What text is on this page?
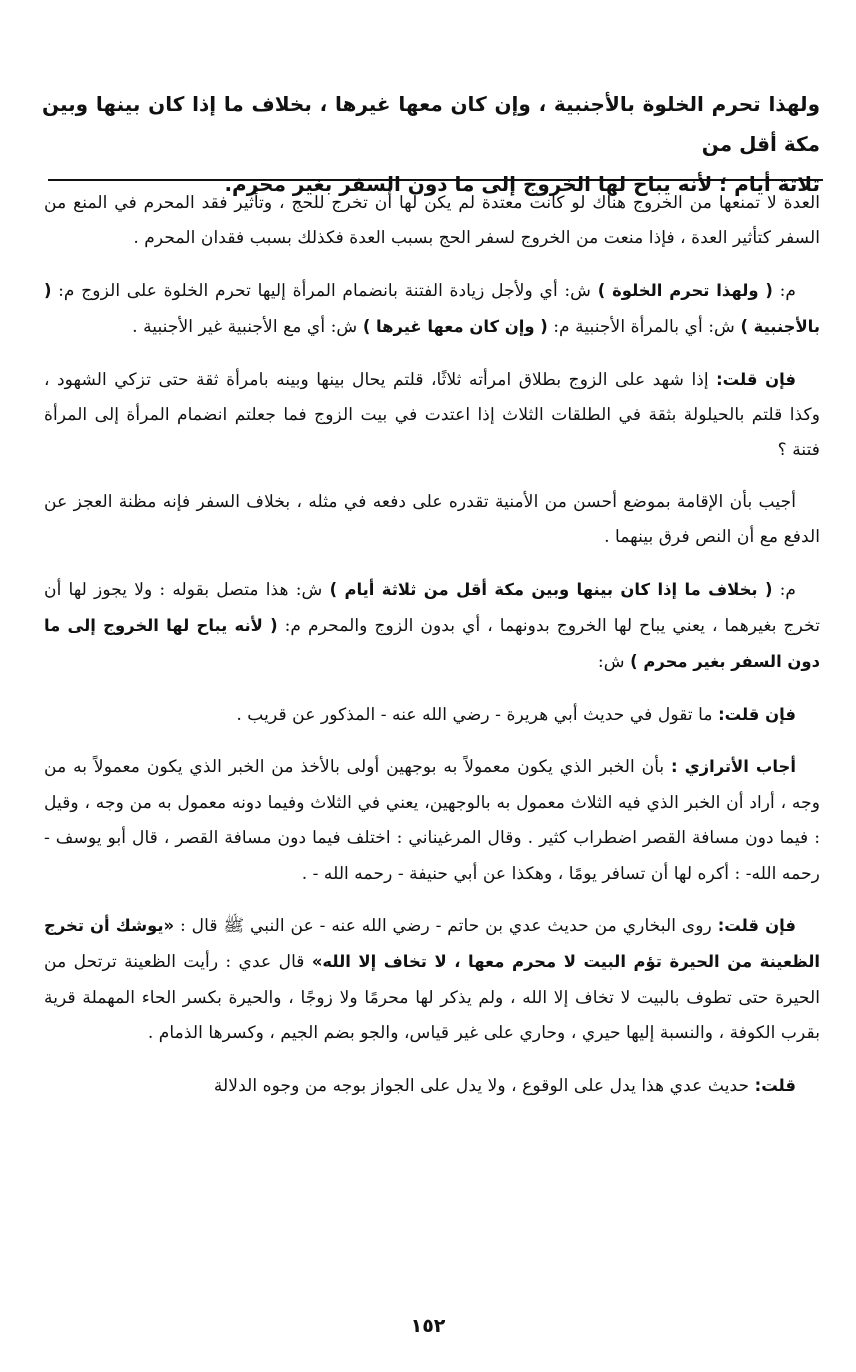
ولهذا تحرم الخلوة بالأجنبية ، وإن كان معها غيرها ، بخلاف ما إذا كان بينها وبين مكة أقل من

ثلاثة أيام ؛ لأنه يباح لها الخروج إلى ما دون السفر بغير محرم.

العدة لا تمنعها من الخروج هناك لو كانت معتدة لم يكن لها أن تخرج للحج ، وتأثير فقد المحرم في المنع من السفر كتأثير العدة ، فإذا منعت من الخروج لسفر الحج بسبب العدة فكذلك بسبب فقدان المحرم .

م: ( ولهذا تحرم الخلوة ) ش: أي ولأجل زيادة الفتنة بانضمام المرأة إليها تحرم الخلوة على الزوج م: ( بالأجنبية ) ش: أي بالمرأة الأجنبية م: ( وإن كان معها غيرها ) ش: أي مع الأجنبية غير الأجنبية .

فإن قلت: إذا شهد على الزوج بطلاق امرأته ثلاثًا، قلتم يحال بينها وبينه بامرأة ثقة حتى تزكي الشهود ، وكذا قلتم بالحيلولة بثقة في الطلقات الثلاث إذا اعتدت في بيت الزوج فما جعلتم انضمام المرأة إلى المرأة فتنة ؟

أجيب بأن الإقامة بموضع أحسن من الأمنية تقدره على دفعه في مثله ، بخلاف السفر فإنه مظنة العجز عن الدفع مع أن النص فرق بينهما .

م: ( بخلاف ما إذا كان بينها وبين مكة أقل من ثلاثة أيام ) ش: هذا متصل بقوله : ولا يجوز لها أن تخرج بغيرهما ، يعني يباح لها الخروج بدونهما ، أي بدون الزوج والمحرم م: ( لأنه يباح لها الخروج إلى ما دون السفر بغير محرم ) ش:

فإن قلت: ما تقول في حديث أبي هريرة - رضي الله عنه - المذكور عن قريب .

أجاب الأترازي : بأن الخبر الذي يكون معمولاً به بوجهين أولى بالأخذ من الخبر الذي يكون معمولاً به من وجه ، أراد أن الخبر الذي فيه الثلاث معمول به بالوجهين، يعني في الثلاث وفيما دونه معمول به من وجه ، وقيل : فيما دون مسافة القصر اضطراب كثير . وقال المرغيناني : اختلف فيما دون مسافة القصر ، قال أبو يوسف - رحمه الله- : أكره لها أن تسافر يومًا ، وهكذا عن أبي حنيفة - رحمه الله - .

فإن قلت: روى البخاري من حديث عدي بن حاتم - رضي الله عنه - عن النبي ﷺ قال : «يوشك أن تخرج الظعينة من الحيرة تؤم البيت لا محرم معها ، لا تخاف إلا الله» قال عدي : رأيت الظعينة ترتحل من الحيرة حتى تطوف بالبيت لا تخاف إلا الله ، ولم يذكر لها محرمًا ولا زوجًا ، والحيرة بكسر الحاء المهملة قرية بقرب الكوفة ، والنسبة إليها حيري ، وحاري على غير قياس، والجو بضم الجيم ، وكسرها الذمام .

قلت: حديث عدي هذا يدل على الوقوع ، ولا يدل على الجواز بوجه من وجوه الدلالة

١٥٢
